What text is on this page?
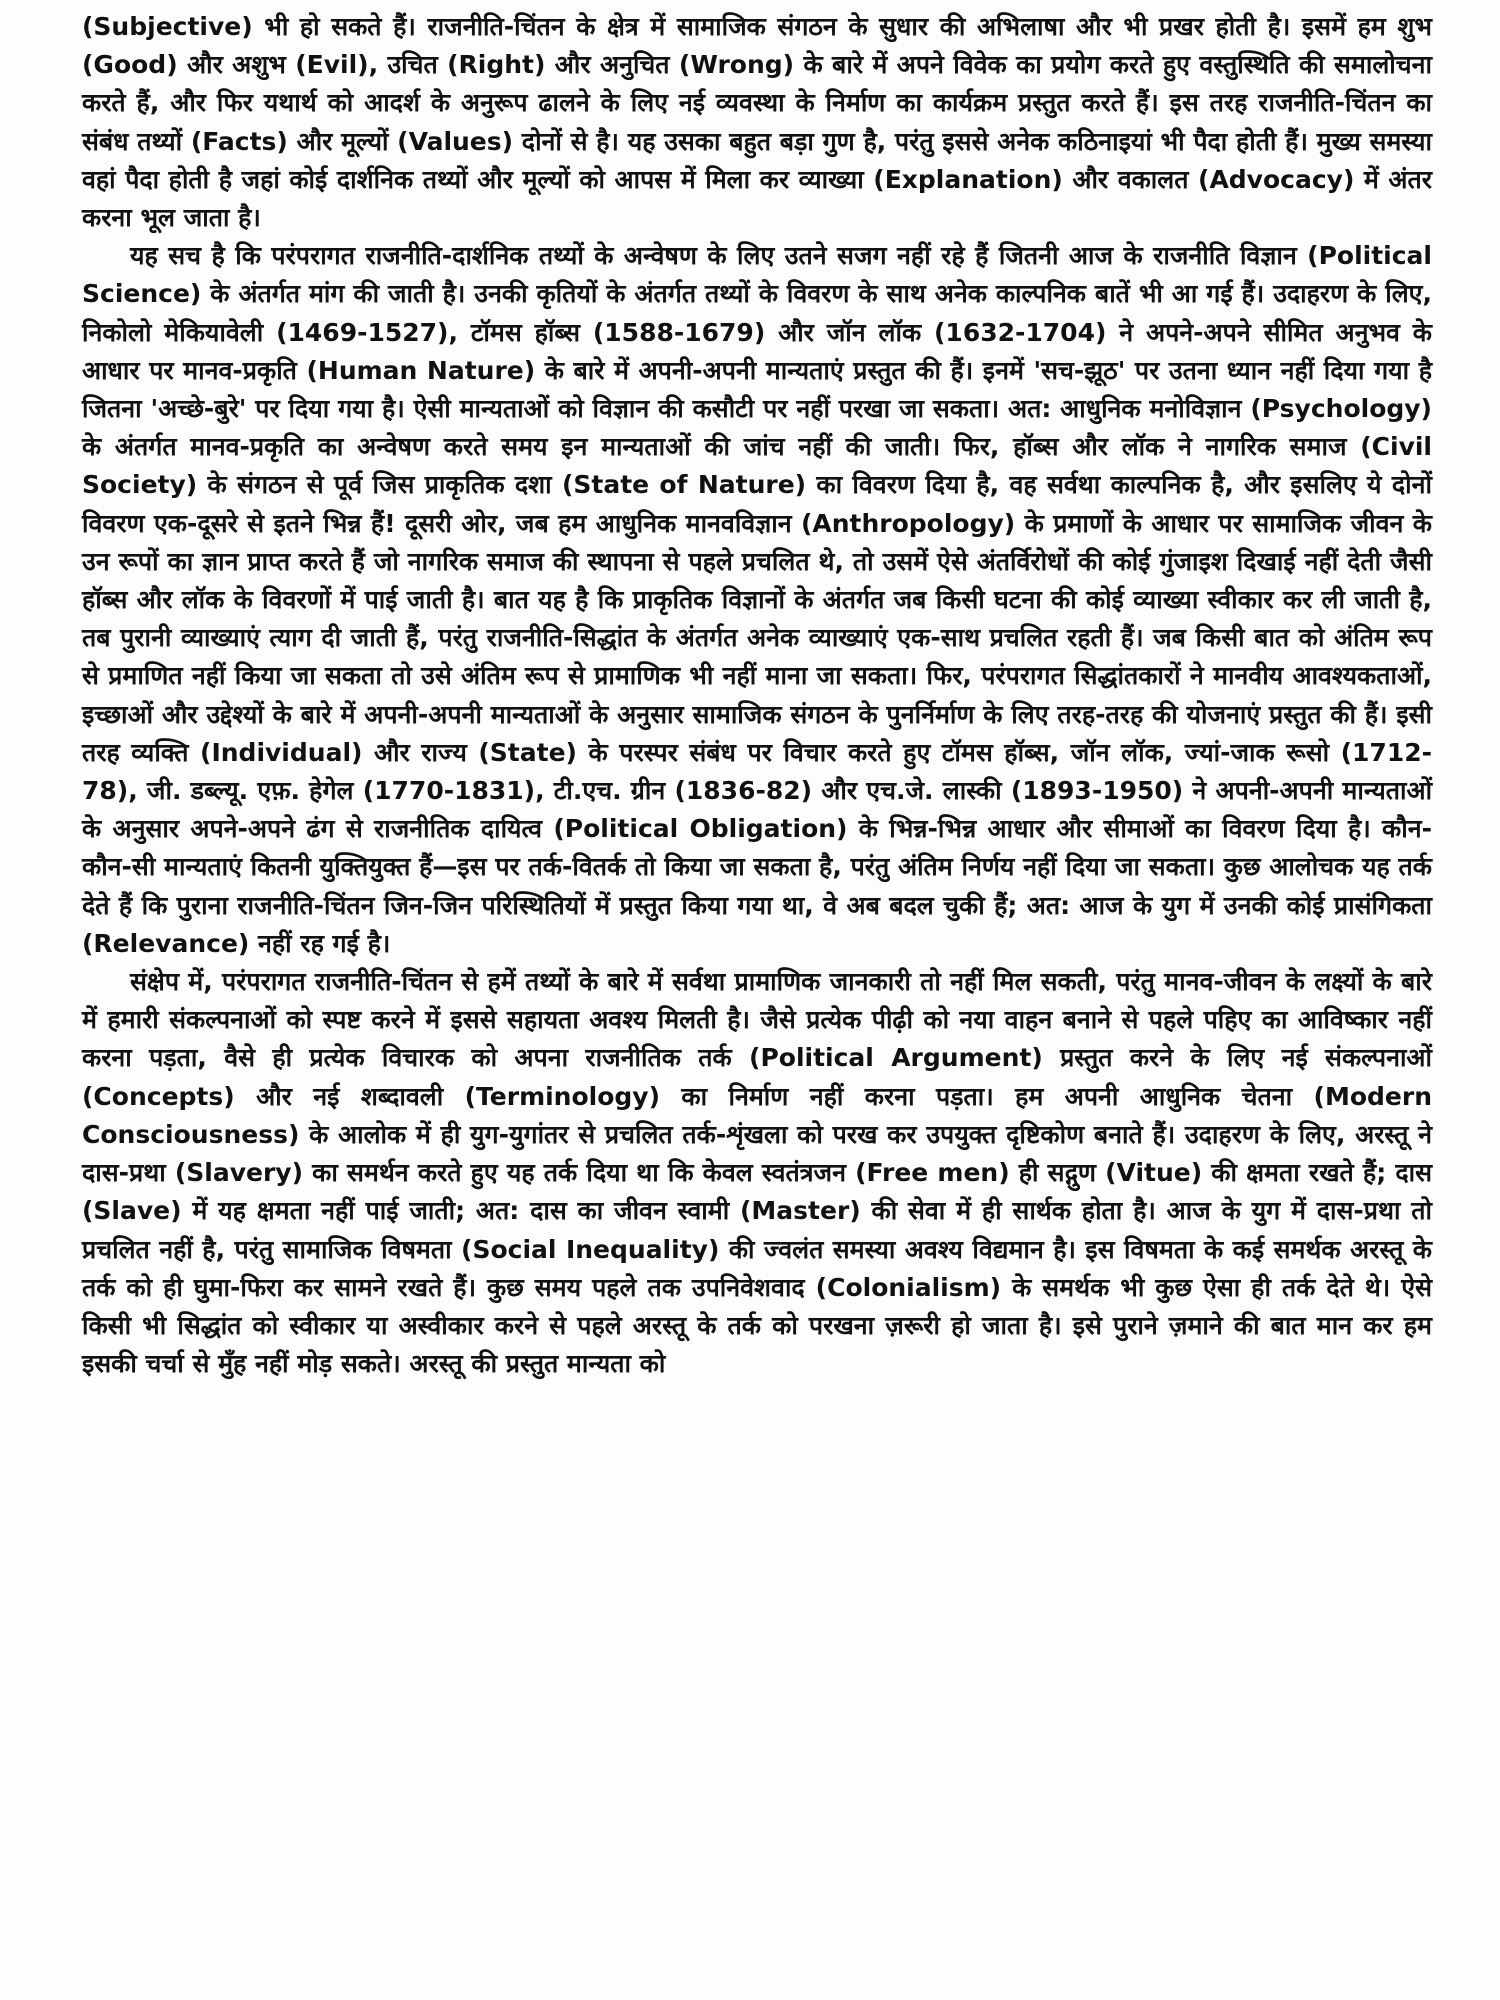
(Subjective) भी हो सकते हैं। राजनीति-चिंतन के क्षेत्र में सामाजिक संगठन के सुधार की अभिलाषा और भी प्रखर होती है। इसमें हम शुभ (Good) और अशुभ (Evil), उचित (Right) और अनुचित (Wrong) के बारे में अपने विवेक का प्रयोग करते हुए वस्तुस्थिति की समालोचना करते हैं, और फिर यथार्थ को आदर्श के अनुरूप ढालने के लिए नई व्यवस्था के निर्माण का कार्यक्रम प्रस्तुत करते हैं। इस तरह राजनीति-चिंतन का संबंध तथ्यों (Facts) और मूल्यों (Values) दोनों से है। यह उसका बहुत बड़ा गुण है, परंतु इससे अनेक कठिनाइयां भी पैदा होती हैं। मुख्य समस्या वहां पैदा होती है जहां कोई दार्शनिक तथ्यों और मूल्यों को आपस में मिला कर व्याख्या (Explanation) और वकालत (Advocacy) में अंतर करना भूल जाता है।

यह सच है कि परंपरागत राजनीति-दार्शनिक तथ्यों के अन्वेषण के लिए उतने सजग नहीं रहे हैं जितनी आज के राजनीति विज्ञान (Political Science) के अंतर्गत मांग की जाती है। उनकी कृतियों के अंतर्गत तथ्यों के विवरण के साथ अनेक काल्पनिक बातें भी आ गई हैं। उदाहरण के लिए, निकोलो मेकियावेली (1469-1527), टॉमस हॉब्स (1588-1679) और जॉन लॉक (1632-1704) ने अपने-अपने सीमित अनुभव के आधार पर मानव-प्रकृति (Human Nature) के बारे में अपनी-अपनी मान्यताएं प्रस्तुत की हैं। इनमें 'सच-झूठ' पर उतना ध्यान नहीं दिया गया है जितना 'अच्छे-बुरे' पर दिया गया है। ऐसी मान्यताओं को विज्ञान की कसौटी पर नहीं परखा जा सकता। अत: आधुनिक मनोविज्ञान (Psychology) के अंतर्गत मानव-प्रकृति का अन्वेषण करते समय इन मान्यताओं की जांच नहीं की जाती। फिर, हॉब्स और लॉक ने नागरिक समाज (Civil Society) के संगठन से पूर्व जिस प्राकृतिक दशा (State of Nature) का विवरण दिया है, वह सर्वथा काल्पनिक है, और इसलिए ये दोनों विवरण एक-दूसरे से इतने भिन्न हैं! दूसरी ओर, जब हम आधुनिक मानवविज्ञान (Anthropology) के प्रमाणों के आधार पर सामाजिक जीवन के उन रूपों का ज्ञान प्राप्त करते हैं जो नागरिक समाज की स्थापना से पहले प्रचलित थे, तो उसमें ऐसे अंतर्विरोधों की कोई गुंजाइश दिखाई नहीं देती जैसी हॉब्स और लॉक के विवरणों में पाई जाती है। बात यह है कि प्राकृतिक विज्ञानों के अंतर्गत जब किसी घटना की कोई व्याख्या स्वीकार कर ली जाती है, तब पुरानी व्याख्याएं त्याग दी जाती हैं, परंतु राजनीति-सिद्धांत के अंतर्गत अनेक व्याख्याएं एक-साथ प्रचलित रहती हैं। जब किसी बात को अंतिम रूप से प्रमाणित नहीं किया जा सकता तो उसे अंतिम रूप से प्रामाणिक भी नहीं माना जा सकता। फिर, परंपरागत सिद्धांतकारों ने मानवीय आवश्यकताओं, इच्छाओं और उद्देश्यों के बारे में अपनी-अपनी मान्यताओं के अनुसार सामाजिक संगठन के पुनर्निर्माण के लिए तरह-तरह की योजनाएं प्रस्तुत की हैं। इसी तरह व्यक्ति (Individual) और राज्य (State) के परस्पर संबंध पर विचार करते हुए टॉमस हॉब्स, जॉन लॉक, ज्यां-जाक रूसो (1712-78), जी. डब्ल्यू. एफ़. हेगेल (1770-1831), टी.एच. ग्रीन (1836-82) और एच.जे. लास्की (1893-1950) ने अपनी-अपनी मान्यताओं के अनुसार अपने-अपने ढंग से राजनीतिक दायित्व (Political Obligation) के भिन्न-भिन्न आधार और सीमाओं का विवरण दिया है। कौन-कौन-सी मान्यताएं कितनी युक्तियुक्त हैं—इस पर तर्क-वितर्क तो किया जा सकता है, परंतु अंतिम निर्णय नहीं दिया जा सकता। कुछ आलोचक यह तर्क देते हैं कि पुराना राजनीति-चिंतन जिन-जिन परिस्थितियों में प्रस्तुत किया गया था, वे अब बदल चुकी हैं; अत: आज के युग में उनकी कोई प्रासंगिकता (Relevance) नहीं रह गई है।

संक्षेप में, परंपरागत राजनीति-चिंतन से हमें तथ्यों के बारे में सर्वथा प्रामाणिक जानकारी तो नहीं मिल सकती, परंतु मानव-जीवन के लक्ष्यों के बारे में हमारी संकल्पनाओं को स्पष्ट करने में इससे सहायता अवश्य मिलती है। जैसे प्रत्येक पीढ़ी को नया वाहन बनाने से पहले पहिए का आविष्कार नहीं करना पड़ता, वैसे ही प्रत्येक विचारक को अपना राजनीतिक तर्क (Political Argument) प्रस्तुत करने के लिए नई संकल्पनाओं (Concepts) और नई शब्दावली (Terminology) का निर्माण नहीं करना पड़ता। हम अपनी आधुनिक चेतना (Modern Consciousness) के आलोक में ही युग-युगांतर से प्रचलित तर्क-शृंखला को परख कर उपयुक्त दृष्टिकोण बनाते हैं। उदाहरण के लिए, अरस्तू ने दास-प्रथा (Slavery) का समर्थन करते हुए यह तर्क दिया था कि केवल स्वतंत्रजन (Free men) ही सद्गुण (Vitue) की क्षमता रखते हैं; दास (Slave) में यह क्षमता नहीं पाई जाती; अत: दास का जीवन स्वामी (Master) की सेवा में ही सार्थक होता है। आज के युग में दास-प्रथा तो प्रचलित नहीं है, परंतु सामाजिक विषमता (Social Inequality) की ज्वलंत समस्या अवश्य विद्यमान है। इस विषमता के कई समर्थक अरस्तू के तर्क को ही घुमा-फिरा कर सामने रखते हैं। कुछ समय पहले तक उपनिवेशवाद (Colonialism) के समर्थक भी कुछ ऐसा ही तर्क देते थे। ऐसे किसी भी सिद्धांत को स्वीकार या अस्वीकार करने से पहले अरस्तू के तर्क को परखना ज़रूरी हो जाता है। इसे पुराने ज़माने की बात मान कर हम इसकी चर्चा से मुँह नहीं मोड़ सकते। अरस्तू की प्रस्तुत मान्यता को
